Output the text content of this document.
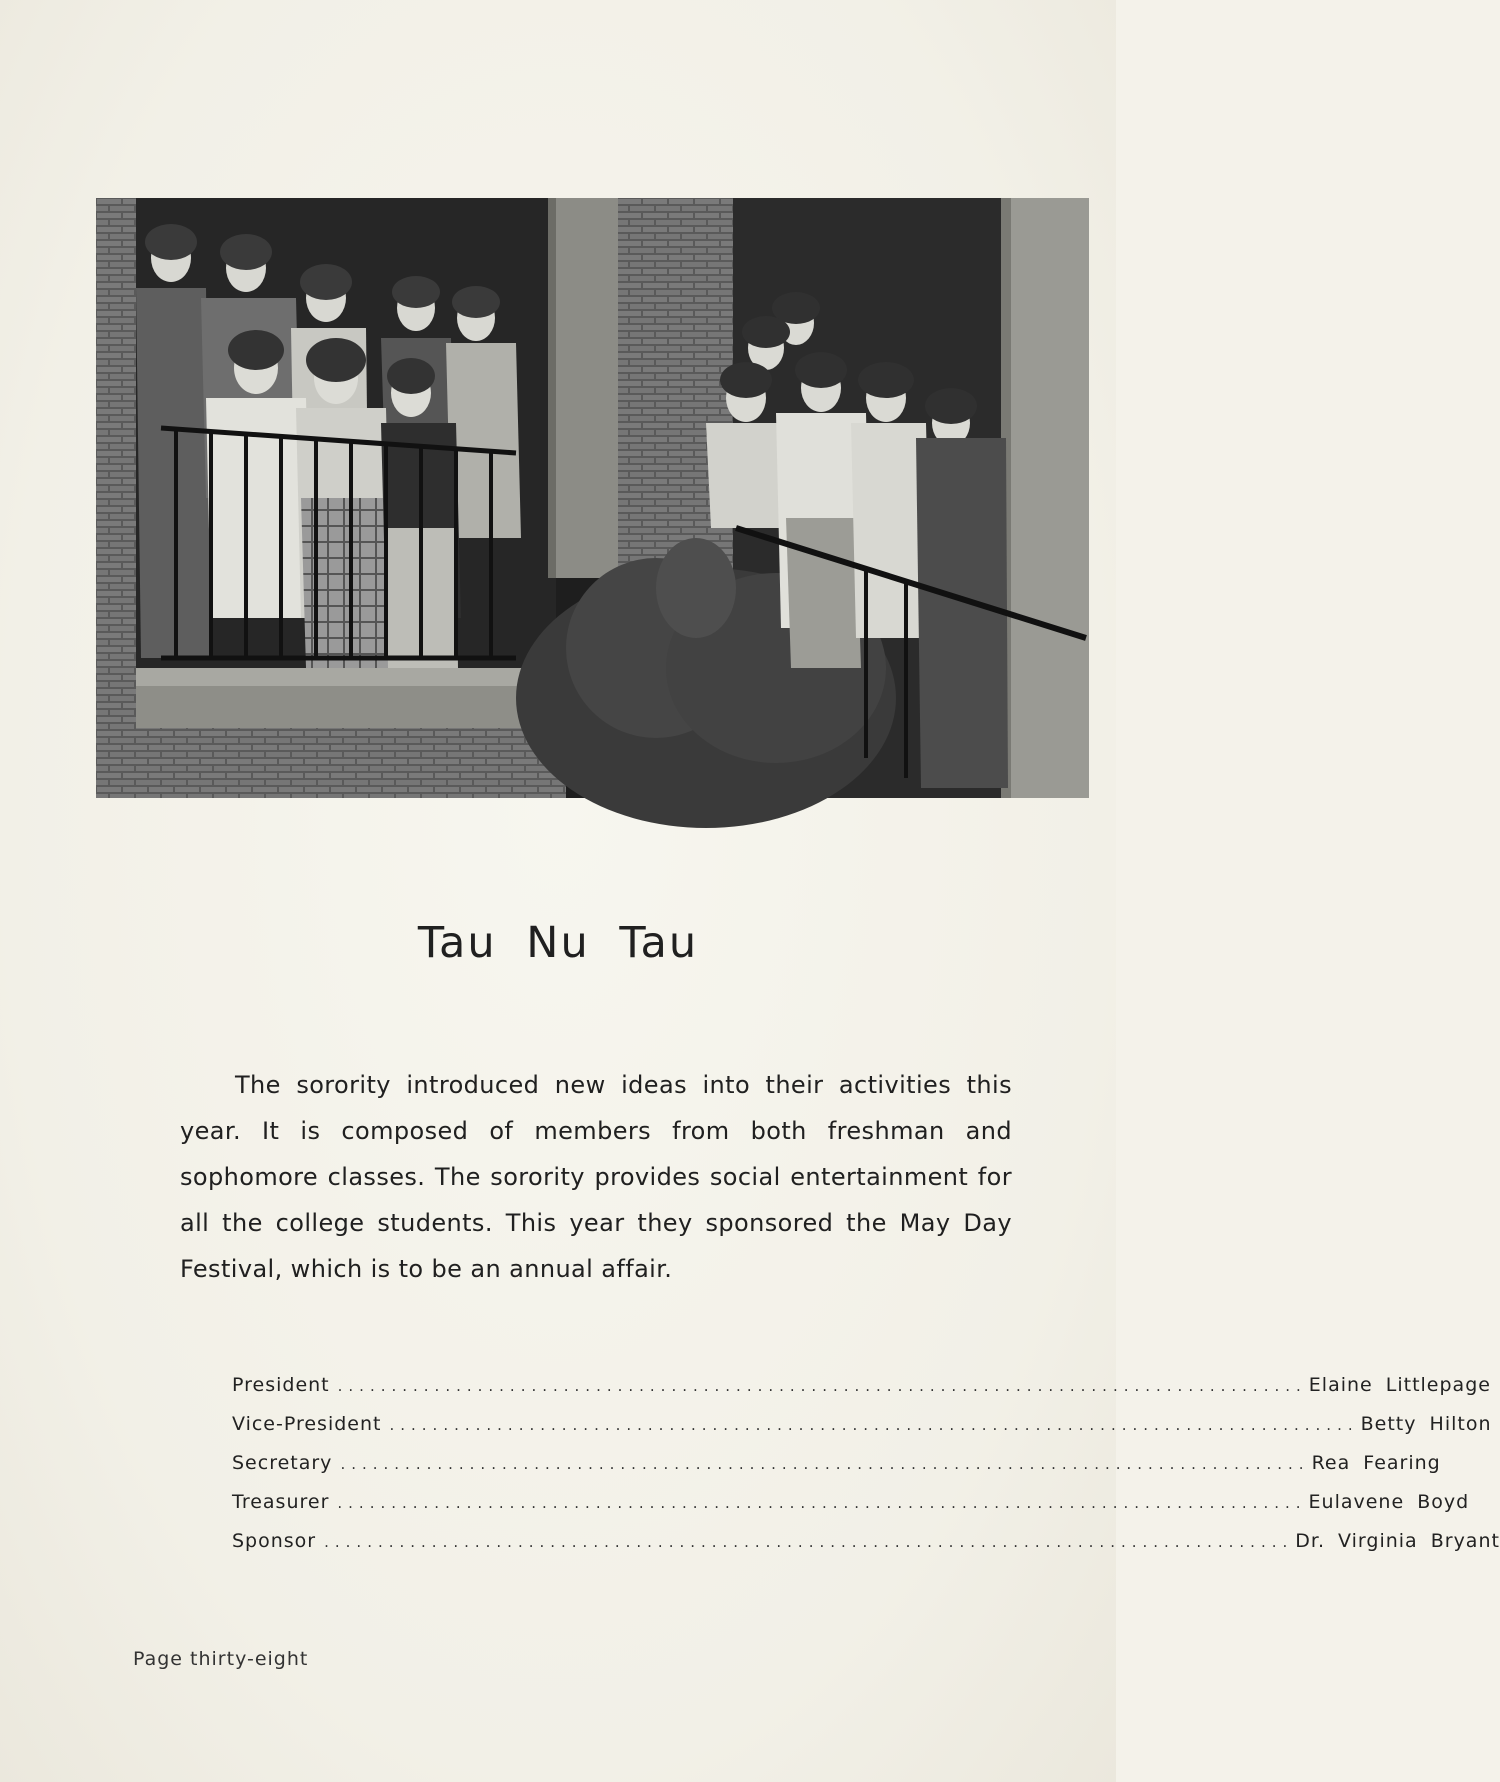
Tau Nu Tau
The sorority introduced new ideas into their activities this year. It is composed of members from both freshman and sophomore classes. The sorority provides social entertainment for all the college students. This year they sponsored the May Day Festival, which is to be an annual affair.
President .......................................................................................... Elaine Littlepage
Vice-President .......................................................................................... Betty Hilton
Secretary .......................................................................................... Rea Fearing
Treasurer .......................................................................................... Eulavene Boyd
Sponsor .......................................................................................... Dr. Virginia Bryant
Page thirty-eight
